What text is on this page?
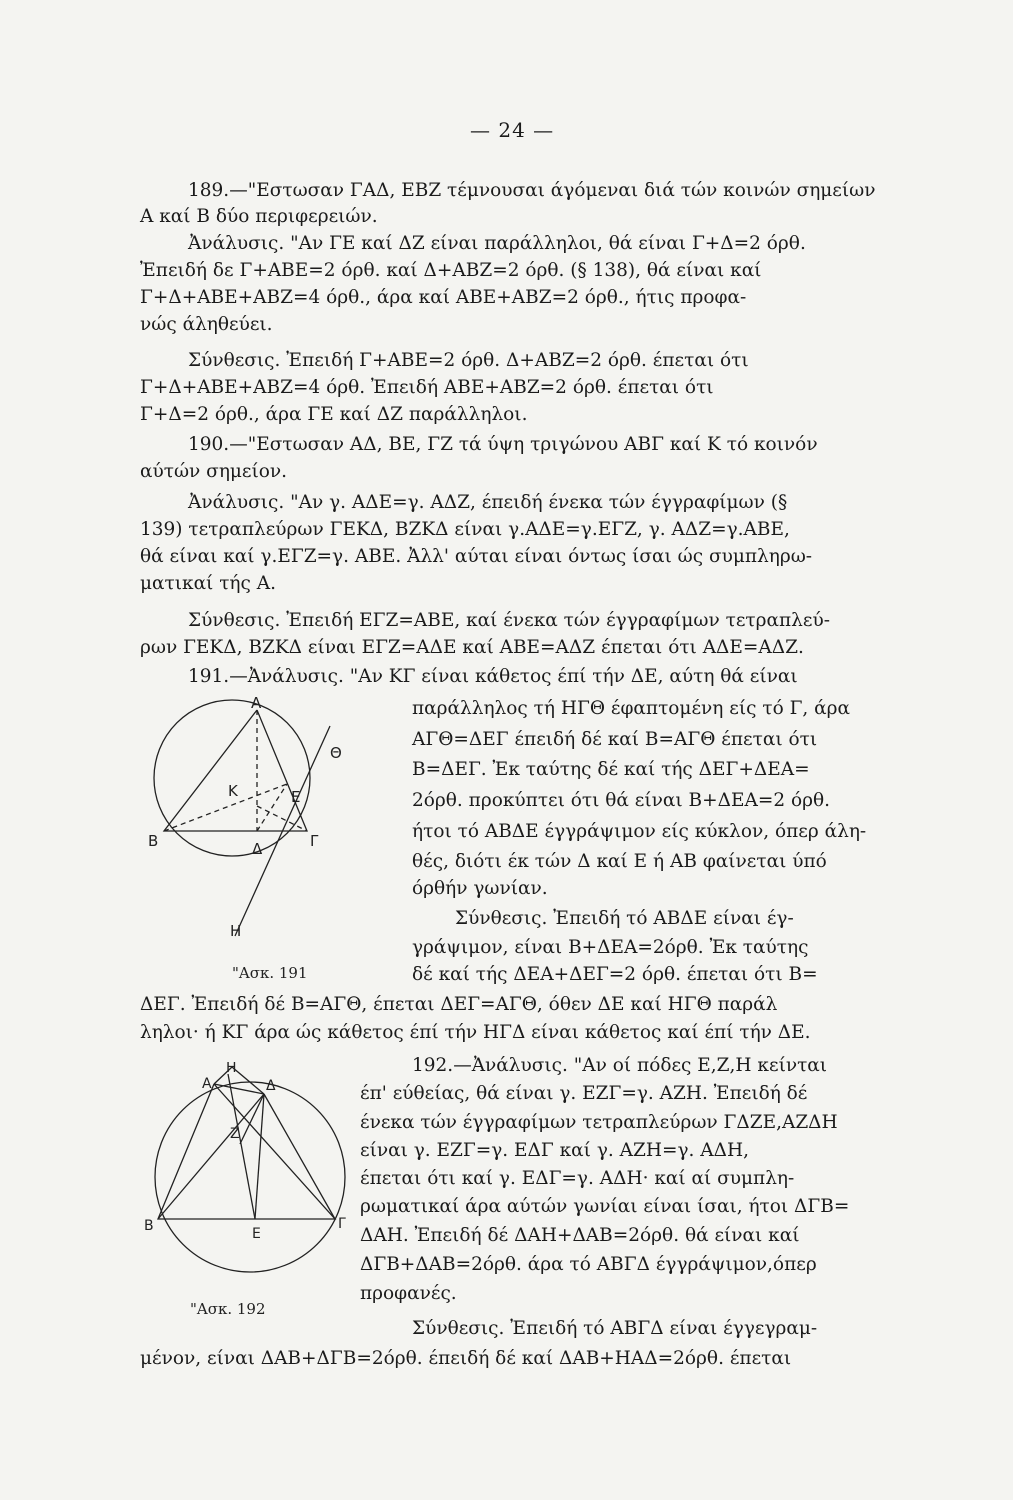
— 24 —
189.—"Εστωσαν ΓΑΔ, ΕΒΖ τέμνουσαι άγόμεναι διά τών κοινών σημείων
Α καί Β δύο περιφερειών.
Ἀνάλυσις. "Αν ΓΕ καί ΔΖ είναι παράλληλοι, θά είναι Γ+Δ=2 όρθ.
Ἐπειδή δε Γ+ΑΒΕ=2 όρθ. καί Δ+ΑΒΖ=2 όρθ. (§ 138), θά είναι καί
Γ+Δ+ΑΒΕ+ΑΒΖ=4 όρθ., άρα καί ΑΒΕ+ΑΒΖ=2 όρθ., ήτις προφα-
νώς άληθεύει.
Σύνθεσις. Ἐπειδή Γ+ΑΒΕ=2 όρθ. Δ+ΑΒΖ=2 όρθ. έπεται ότι
Γ+Δ+ΑΒΕ+ΑΒΖ=4 όρθ. Ἐπειδή ΑΒΕ+ΑΒΖ=2 όρθ. έπεται ότι
Γ+Δ=2 όρθ., άρα ΓΕ καί ΔΖ παράλληλοι.
190.—"Εστωσαν ΑΔ, ΒΕ, ΓΖ τά ύψη τριγώνου ΑΒΓ καί Κ τό κοινόν
αύτών σημείον.
Ἀνάλυσις. "Αν γ. ΑΔΕ=γ. ΑΔΖ, έπειδή ένεκα τών έγγραφίμων (§
139) τετραπλεύρων ΓΕΚΔ, ΒΖΚΔ είναι γ.ΑΔΕ=γ.ΕΓΖ, γ. ΑΔΖ=γ.ΑΒΕ,
θά είναι καί γ.ΕΓΖ=γ. ΑΒΕ. Ἀλλ' αύται είναι όντως ίσαι ώς συμπληρω-
ματικαί τής Α.
Σύνθεσις. Ἐπειδή ΕΓΖ=ΑΒΕ, καί ένεκα τών έγγραφίμων τετραπλεύ-
ρων ΓΕΚΔ, ΒΖΚΔ είναι ΕΓΖ=ΑΔΕ καί ΑΒΕ=ΑΔΖ έπεται ότι ΑΔΕ=ΑΔΖ.
191.—Ἀνάλυσις. "Αν ΚΓ είναι κάθετος έπί τήν ΔΕ, αύτη θά είναι
παράλληλος τή ΗΓΘ έφαπτομένη είς τό Γ, άρα
ΑΓΘ=ΔΕΓ έπειδή δέ καί Β=ΑΓΘ έπεται ότι
Β=ΔΕΓ. Ἐκ ταύτης δέ καί τής ΔΕΓ+ΔΕΑ=
2όρθ. προκύπτει ότι θά είναι Β+ΔΕΑ=2 όρθ.
ήτοι τό ΑΒΔΕ έγγράψιμον είς κύκλον, όπερ άλη-
θές, διότι έκ τών Δ καί Ε ή ΑΒ φαίνεται ύπό
όρθήν γωνίαν.
Σύνθεσις. Ἐπειδή τό ΑΒΔΕ είναι έγ-
γράψιμον, είναι Β+ΔΕΑ=2όρθ. Ἐκ ταύτης
δέ καί τής ΔΕΑ+ΔΕΓ=2 όρθ. έπεται ότι Β=
ΔΕΓ. Ἐπειδή δέ Β=ΑΓΘ, έπεται ΔΕΓ=ΑΓΘ, όθεν ΔΕ καί ΗΓΘ παράλ
ληλοι· ή ΚΓ άρα ώς κάθετος έπί τήν ΗΓΔ είναι κάθετος καί έπί τήν ΔΕ.
192.—Ἀνάλυσις. "Αν οί πόδες Ε,Ζ,Η κείνται
έπ' εύθείας, θά είναι γ. ΕΖΓ=γ. ΑΖΗ. Ἐπειδή δέ
ένεκα τών έγγραφίμων τετραπλεύρων ΓΔΖΕ,ΑΖΔΗ
είναι γ. ΕΖΓ=γ. ΕΔΓ καί γ. ΑΖΗ=γ. ΑΔΗ,
έπεται ότι καί γ. ΕΔΓ=γ. ΑΔΗ· καί αί συμπλη-
ρωματικαί άρα αύτών γωνίαι είναι ίσαι, ήτοι ΔΓΒ=
ΔΑΗ. Ἐπειδή δέ ΔΑΗ+ΔΑΒ=2όρθ. θά είναι καί
ΔΓΒ+ΔΑΒ=2όρθ. άρα τό ΑΒΓΔ έγγράψιμον,όπερ
προφανές.
Σύνθεσις. Ἐπειδή τό ΑΒΓΔ είναι έγγεγραμ-
μένον, είναι ΔΑΒ+ΔΓΒ=2όρθ. έπειδή δέ καί ΔΑΒ+ΗΑΔ=2όρθ. έπεται
Α
Θ
Κ	Ε
Β	Δ	Γ
Η
"Ασκ. 191
Η
Α	Δ
Ζ
Β	Ε
Γ
"Ασκ. 192
